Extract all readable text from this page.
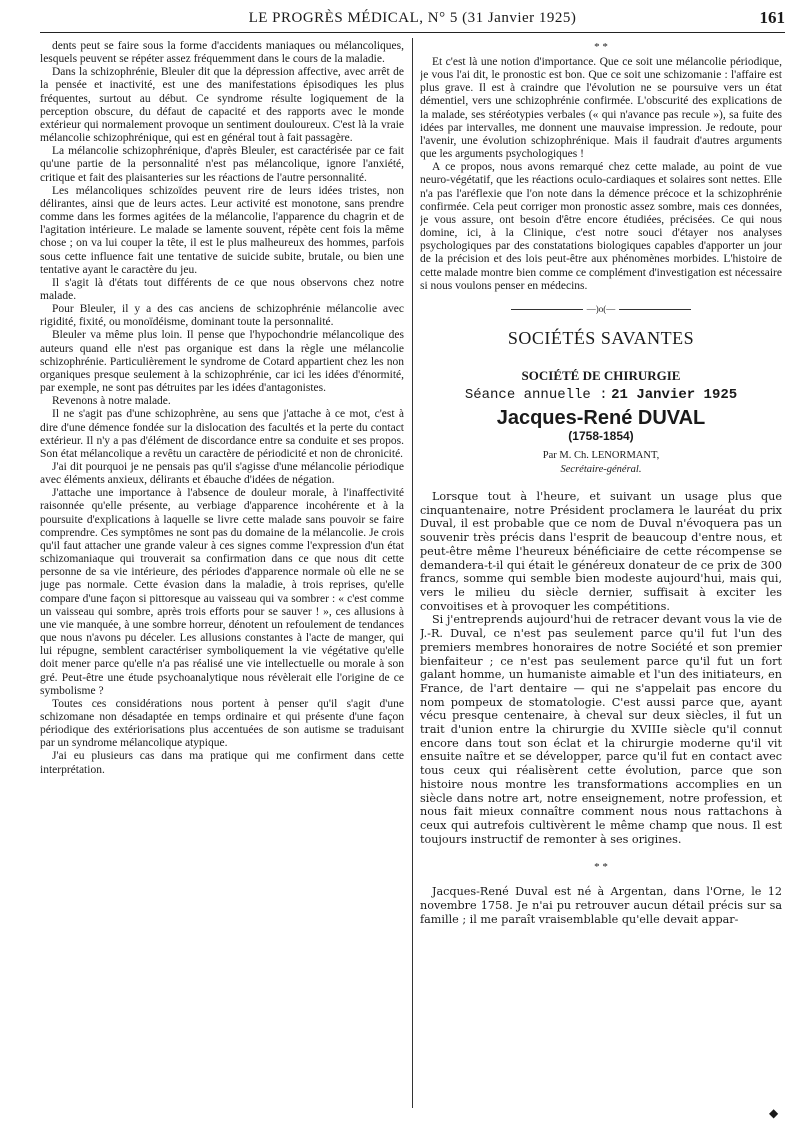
LE PROGRÈS MÉDICAL, N° 5 (31 Janvier 1925)	161

dents peut se faire sous la forme d'accidents maniaques ou mélancoliques, lesquels peuvent se répéter assez fréquemment dans le cours de la maladie.

Dans la schizophrénie, Bleuler dit que la dépression affective, avec arrêt de la pensée et inactivité, est une des manifestations épisodiques les plus fréquentes, surtout au début. Ce syndrome résulte logiquement de la perception obscure, du défaut de capacité et des rapports avec le monde extérieur qui normalement provoque un sentiment douloureux. C'est là la vraie mélancolie schizophrénique, qui est en général tout à fait passagère.

La mélancolie schizophrénique, d'après Bleuler, est caractérisée par ce fait qu'une partie de la personnalité n'est pas mélancolique, ignore l'anxiété, critique et fait des plaisanteries sur les réactions de l'autre personnalité.

Les mélancoliques schizoïdes peuvent rire de leurs idées tristes, non délirantes, ainsi que de leurs actes. Leur activité est monotone, sans prendre comme dans les formes agitées de la mélancolie, l'apparence du chagrin et de l'agitation intérieure. Le malade se lamente souvent, répète cent fois la même chose ; on va lui couper la tête, il est le plus malheureux des hommes, parfois sous cette influence fait une tentative de suicide subite, brutale, ou bien une tentative ayant le caractère du jeu.

Il s'agit là d'états tout différents de ce que nous observons chez notre malade.

Pour Bleuler, il y a des cas anciens de schizophrénie mélancolie avec rigidité, fixité, ou monoïdéisme, dominant toute la personnalité.

Bleuler va même plus loin. Il pense que l'hypochondrie mélancolique des auteurs quand elle n'est pas organique est dans la règle une mélancolie schizophrénie. Particulièrement le syndrome de Cotard appartient chez les non organiques presque seulement à la schizophrénie, car ici les idées d'énormité, par exemple, ne sont pas détruites par les idées d'antagonistes.

Revenons à notre malade.

Il ne s'agit pas d'une schizophrène, au sens que j'attache à ce mot, c'est à dire d'une démence fondée sur la dislocation des facultés et la perte du contact extérieur. Il n'y a pas d'élément de discordance entre sa conduite et ses propos. Son état mélancolique a revêtu un caractère de périodicité et non de chronicité.

J'ai dit pourquoi je ne pensais pas qu'il s'agisse d'une mélancolie périodique avec éléments anxieux, délirants et ébauche d'idées de négation.

J'attache une importance à l'absence de douleur morale, à l'inaffectivité raisonnée qu'elle présente, au verbiage d'apparence incohérente et à la poursuite d'explications à laquelle se livre cette malade sans pouvoir se faire comprendre. Ces symptômes ne sont pas du domaine de la mélancolie. Je crois qu'il faut attacher une grande valeur à ces signes comme l'expression d'un état schizomaniaque qui trouverait sa confirmation dans ce que nous dit cette personne de sa vie intérieure, des périodes d'apparence normale où elle ne se juge pas normale. Cette évasion dans la maladie, à trois reprises, qu'elle compare d'une façon si pittoresque au vaisseau qui va sombrer : « c'est comme un vaisseau qui sombre, après trois efforts pour se sauver ! », ces allusions à une vie manquée, à une sombre horreur, dénotent un refoulement de tendances que nous n'avons pu déceler. Les allusions constantes à l'acte de manger, qui lui répugne, semblent caractériser symboliquement la vie végétative qu'elle doit mener parce qu'elle n'a pas réalisé une vie intellectuelle ou morale à son gré. Peut-être une étude psychoanalytique nous révèlerait elle l'origine de ce symbolisme ?

Toutes ces considérations nous portent à penser qu'il s'agit d'une schizomane non désadaptée en temps ordinaire et qui présente d'une façon périodique des extériorisations plus accentuées de son autisme se traduisant par un syndrome mélancolique atypique.

J'ai eu plusieurs cas dans ma pratique qui me confirment dans cette interprétation.

* *

Et c'est là une notion d'importance. Que ce soit une mélancolie périodique, je vous l'ai dit, le pronostic est bon. Que ce soit une schizomanie : l'affaire est plus grave. Il est à craindre que l'évolution ne se poursuive vers un état démentiel, vers une schizophrénie confirmée. L'obscurité des explications de la malade, ses stéréotypies verbales (« qui n'avance pas recule »), sa fuite des idées par intervalles, me donnent une mauvaise impression. Je redoute, pour l'avenir, une évolution schizophrénique. Mais il faudrait d'autres arguments que les arguments psychologiques !

A ce propos, nous avons remarqué chez cette malade, au point de vue neuro-végétatif, que les réactions oculo-cardiaques et solaires sont nettes. Elle n'a pas l'aréflexie que l'on note dans la démence précoce et la schizophrénie confirmée. Cela peut corriger mon pronostic assez sombre, mais ces données, je vous assure, ont besoin d'être encore étudiées, précisées. Ce qui nous domine, ici, à la Clinique, c'est notre souci d'étayer nos analyses psychologiques par des constatations biologiques capables d'apporter un jour de la précision et des lois peut-être aux phénomènes morbides. L'histoire de cette malade montre bien comme ce complément d'investigation est nécessaire si nous voulons penser en médecins.

—)o(—
SOCIÉTÉS SAVANTES
SOCIÉTÉ DE CHIRURGIE
Séance annuelle : 21 Janvier 1925
Jacques-René DUVAL
(1758-1854)
Par M. Ch. LENORMANT,
Secrétaire-général.

Lorsque tout à l'heure, et suivant un usage plus que cinquantenaire, notre Président proclamera le lauréat du prix Duval, il est probable que ce nom de Duval n'évoquera pas un souvenir très précis dans l'esprit de beaucoup d'entre nous, et peut-être même l'heureux bénéficiaire de cette récompense se demandera-t-il qui était le généreux donateur de ce prix de 300 francs, somme qui semble bien modeste aujourd'hui, mais qui, vers le milieu du siècle dernier, suffisait à exciter les convoitises et à provoquer les compétitions.

Si j'entreprends aujourd'hui de retracer devant vous la vie de J.-R. Duval, ce n'est pas seulement parce qu'il fut l'un des premiers membres honoraires de notre Société et son premier bienfaiteur ; ce n'est pas seulement parce qu'il fut un fort galant homme, un humaniste aimable et l'un des initiateurs, en France, de l'art dentaire — qui ne s'appelait pas encore du nom pompeux de stomatologie. C'est aussi parce que, ayant vécu presque centenaire, à cheval sur deux siècles, il fut un trait d'union entre la chirurgie du XVIIIe siècle qu'il connut encore dans tout son éclat et la chirurgie moderne qu'il vit ensuite naître et se développer, parce qu'il fut en contact avec tous ceux qui réalisèrent cette évolution, parce que son histoire nous montre les transformations accomplies en un siècle dans notre art, notre enseignement, notre profession, et nous fait mieux connaître comment nous nous rattachons à ceux qui autrefois cultivèrent le même champ que nous. Il est toujours instructif de remonter à ses origines.

* *

Jacques-René Duval est né à Argentan, dans l'Orne, le 12 novembre 1758. Je n'ai pu retrouver aucun détail précis sur sa famille ; il me paraît vraisemblable qu'elle devait appar-

◆
